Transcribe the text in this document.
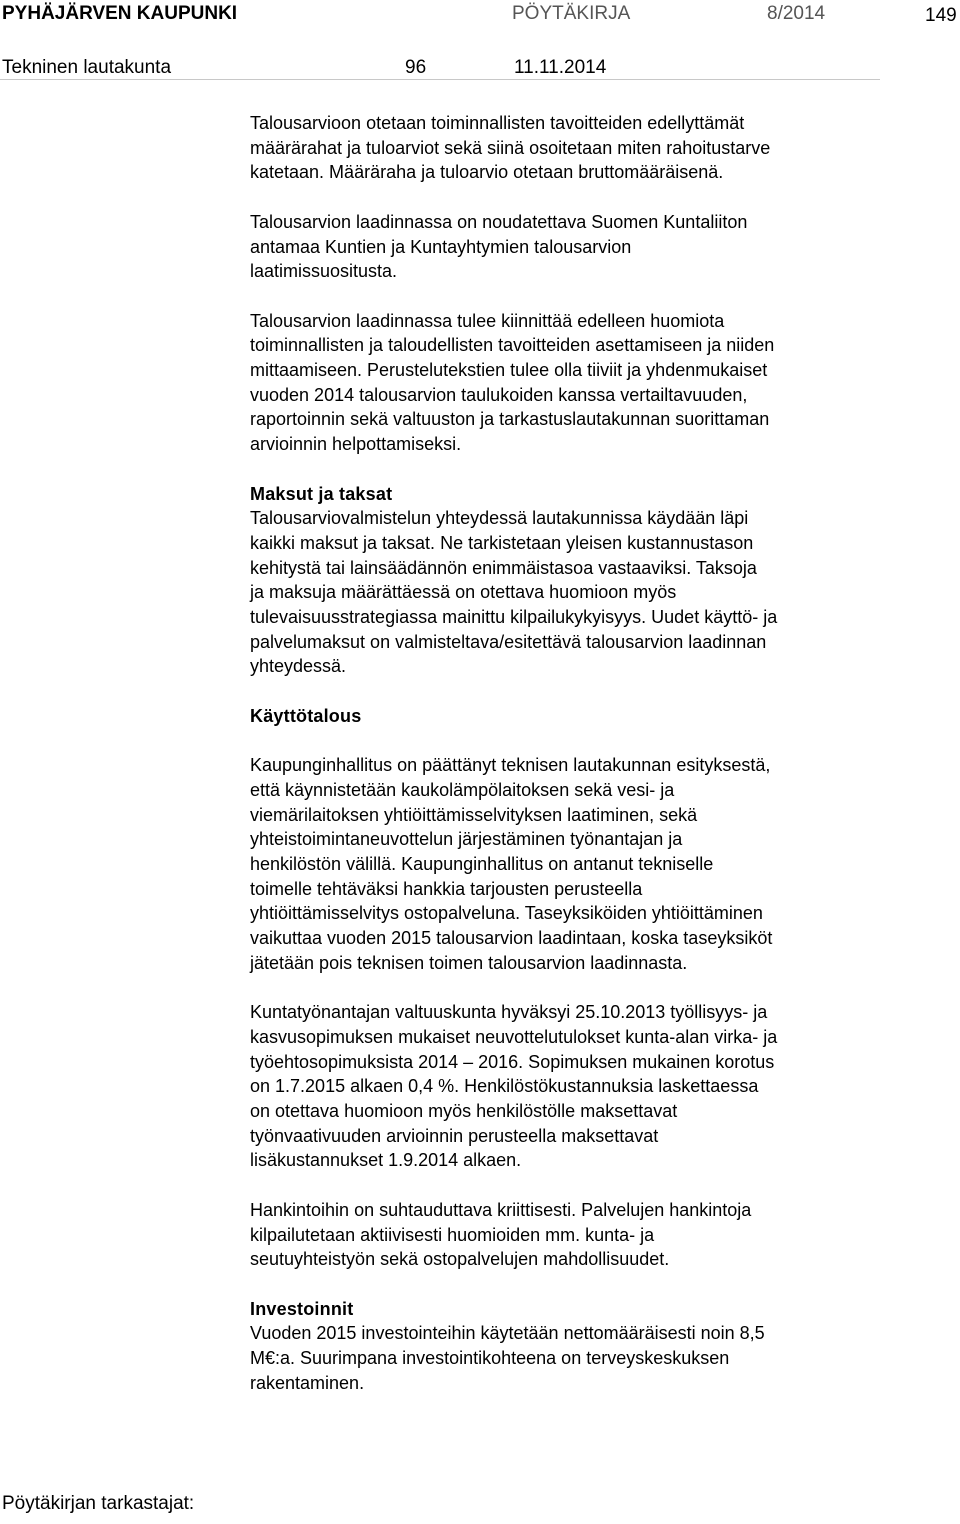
PYHÄJÄRVEN KAUPUNKI	PÖYTÄKIRJA	8/2014	149
Tekninen lautakunta	96	11.11.2014

Talousarvioon otetaan toiminnallisten tavoitteiden edellyttämät
määrärahat ja tuloarviot sekä siinä osoitetaan miten rahoitustarve
katetaan. Määräraha ja tuloarvio otetaan bruttomääräisenä.

Talousarvion laadinnassa on noudatettava Suomen Kuntaliiton
antamaa Kuntien ja Kuntayhtymien talousarvion
laatimissuositusta.

Talousarvion laadinnassa tulee kiinnittää edelleen huomiota
toiminnallisten ja taloudellisten tavoitteiden asettamiseen ja niiden
mittaamiseen. Perustelutekstien tulee olla tiiviit ja yhdenmukaiset
vuoden 2014 talousarvion taulukoiden kanssa vertailtavuuden,
raportoinnin sekä valtuuston ja tarkastuslautakunnan suorittaman
arvioinnin helpottamiseksi.

Maksut ja taksat

Talousarviovalmistelun yhteydessä lautakunnissa käydään läpi
kaikki maksut ja taksat. Ne tarkistetaan yleisen kustannustason
kehitystä tai lainsäädännön enimmäistasoa vastaaviksi. Taksoja
ja maksuja määrättäessä on otettava huomioon myös
tulevaisuusstrategiassa mainittu kilpailukykyisyys. Uudet käyttö- ja
palvelumaksut on valmisteltava/esitettävä talousarvion laadinnan
yhteydessä.

Käyttötalous

Kaupunginhallitus on päättänyt teknisen lautakunnan esityksestä,
että käynnistetään kaukolämpölaitoksen sekä vesi- ja
viemärilaitoksen yhtiöittämisselvityksen laatiminen, sekä
yhteistoimintaneuvottelun järjestäminen työnantajan ja
henkilöstön välillä. Kaupunginhallitus on antanut tekniselle
toimelle tehtäväksi hankkia tarjousten perusteella
yhtiöittämisselvitys ostopalveluna. Taseyksiköiden yhtiöittäminen
vaikuttaa vuoden 2015 talousarvion laadintaan, koska taseyksiköt
jätetään pois teknisen toimen talousarvion laadinnasta.

Kuntatyönantajan valtuuskunta hyväksyi 25.10.2013 työllisyys- ja
kasvusopimuksen mukaiset neuvottelutulokset kunta-alan virka- ja
työehtosopimuksista 2014 – 2016. Sopimuksen mukainen korotus
on 1.7.2015 alkaen 0,4 %. Henkilöstökustannuksia laskettaessa
on otettava huomioon myös henkilöstölle maksettavat
työnvaativuuden arvioinnin perusteella maksettavat
lisäkustannukset 1.9.2014 alkaen.

Hankintoihin on suhtauduttava kriittisesti. Palvelujen hankintoja
kilpailutetaan aktiivisesti huomioiden mm. kunta- ja
seutuyhteistyön sekä ostopalvelujen mahdollisuudet.

Investoinnit

Vuoden 2015 investointeihin käytetään nettomääräisesti noin 8,5
M€:a. Suurimpana investointikohteena on terveyskeskuksen
rakentaminen.

Pöytäkirjan tarkastajat:
